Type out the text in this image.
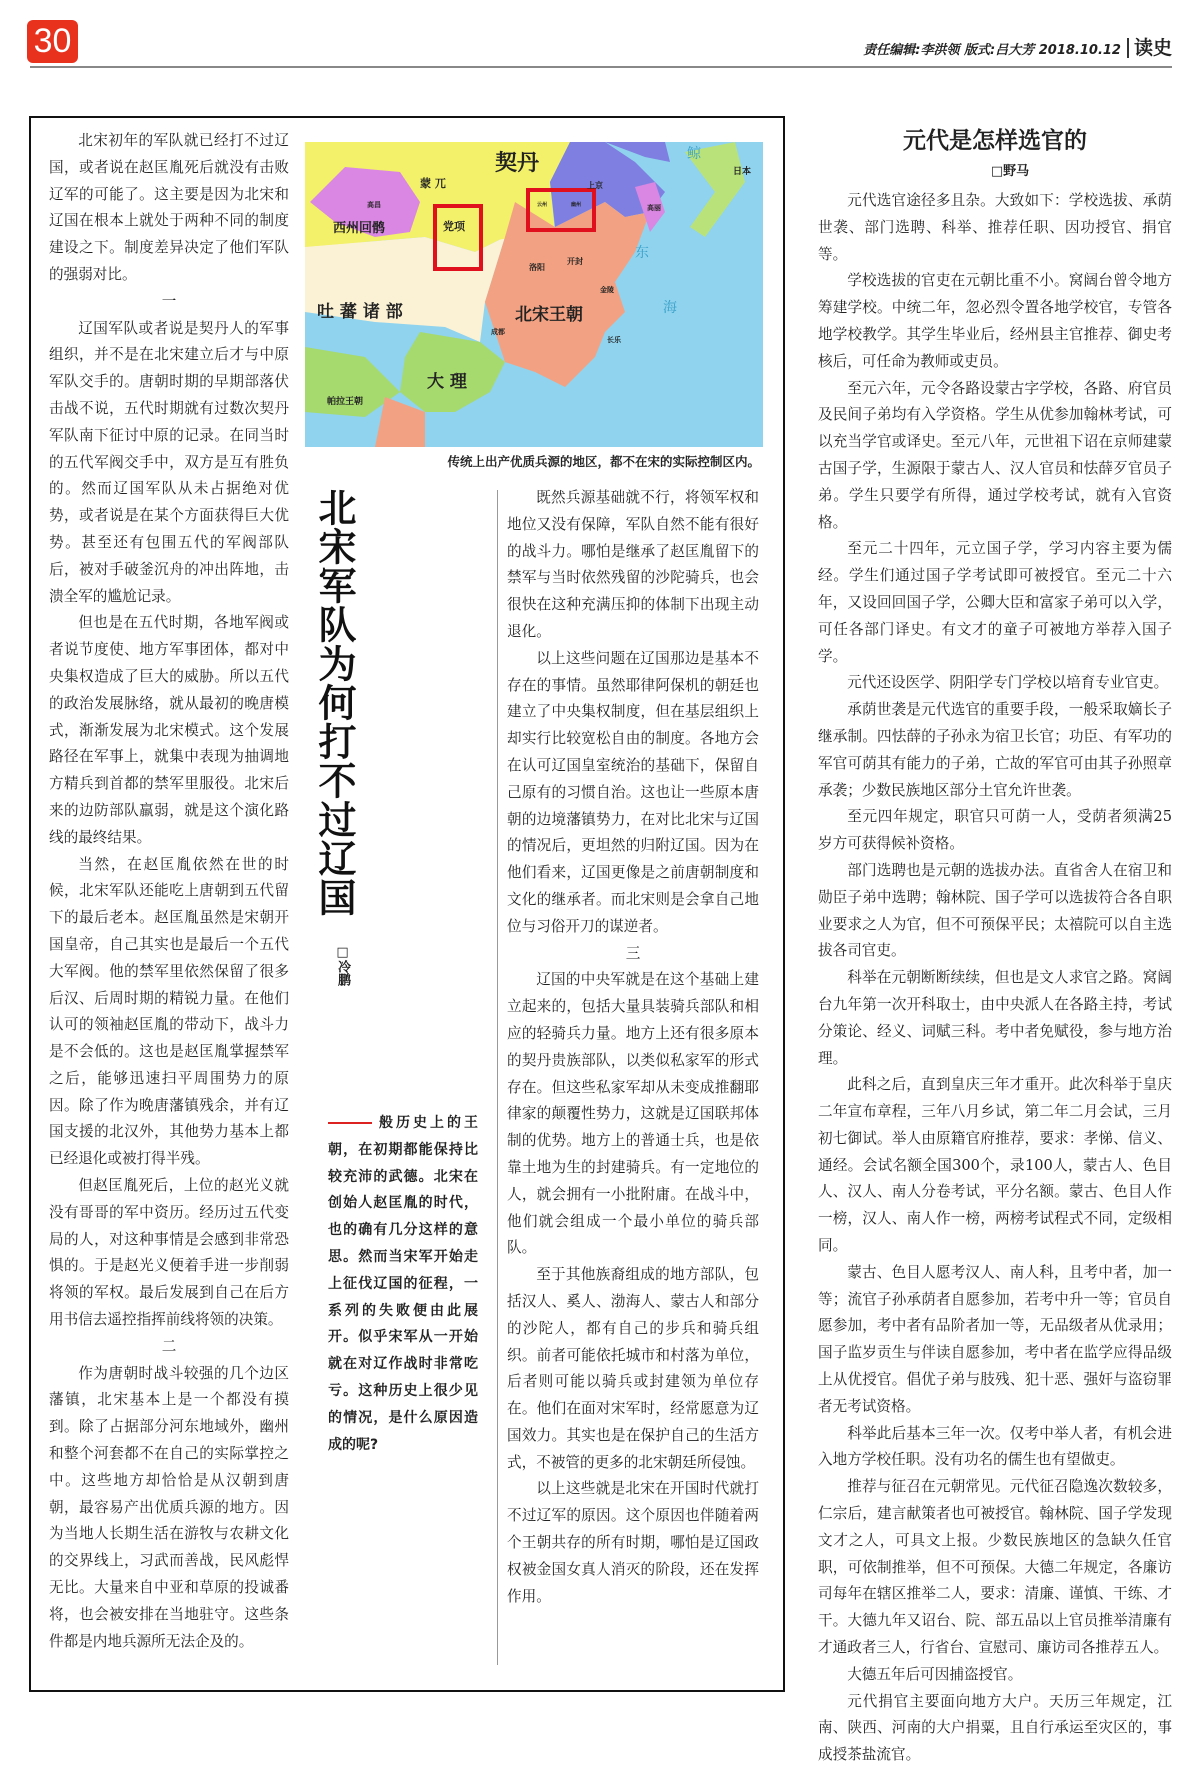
30	责任编辑:李洪领 版式:吕大芳 2018.10.12 读史

北宋初年的军队就已经打不过辽国，或者说在赵匡胤死后就没有击败辽军的可能了。这主要是因为北宋和辽国在根本上就处于两种不同的制度建设之下。制度差异决定了他们军队的强弱对比。

一

辽国军队或者说是契丹人的军事组织，并不是在北宋建立后才与中原军队交手的。唐朝时期的早期部落伏击战不说，五代时期就有过数次契丹军队南下征讨中原的记录。在同当时的五代军阀交手中，双方是互有胜负的。然而辽国军队从未占据绝对优势，或者说是在某个方面获得巨大优势。甚至还有包围五代的军阀部队后，被对手破釜沉舟的冲出阵地，击溃全军的尴尬记录。

但也是在五代时期，各地军阀或者说节度使、地方军事团体，都对中央集权造成了巨大的威胁。所以五代的政治发展脉络，就从最初的晚唐模式，渐渐发展为北宋模式。这个发展路径在军事上，就集中表现为抽调地方精兵到首都的禁军里服役。北宋后来的边防部队羸弱，就是这个演化路线的最终结果。

当然，在赵匡胤依然在世的时候，北宋军队还能吃上唐朝到五代留下的最后老本。赵匡胤虽然是宋朝开国皇帝，自己其实也是最后一个五代大军阀。他的禁军里依然保留了很多后汉、后周时期的精锐力量。在他们认可的领袖赵匡胤的带动下，战斗力是不会低的。这也是赵匡胤掌握禁军之后，能够迅速扫平周围势力的原因。除了作为晚唐藩镇残余，并有辽国支援的北汉外，其他势力基本上都已经退化或被打得半残。

但赵匡胤死后，上位的赵光义就没有哥哥的军中资历。经历过五代变局的人，对这种事情是会感到非常恐惧的。于是赵光义便着手进一步削弱将领的军权。最后发展到自己在后方用书信去遥控指挥前线将领的决策。

二

作为唐朝时战斗较强的几个边区藩镇，北宋基本上是一个都没有摸到。除了占据部分河东地域外，幽州和整个河套都不在自己的实际掌控之中。这些地方却恰恰是从汉朝到唐朝，最容易产出优质兵源的地方。因为当地人长期生活在游牧与农耕文化的交界线上，习武而善战，民风彪悍无比。大量来自中亚和草原的投诚番将，也会被安排在当地驻守。这些条件都是内地兵源所无法企及的。

契丹
蒙 兀
西州回鹘
高昌
党项
吐 蕃 诸 部	北宋王朝
大 理
上京
开封
洛阳
金陵
成都
长乐
高丽
东
海
鲸
日本
云州	幽州
帕拉王朝
传统上出产优质兵源的地区，都不在宋的实际控制区内。
北宋军队为何打不过辽国
□冷鹏
般历史上的王朝，在初期都能保持比较充沛的武德。北宋在创始人赵匡胤的时代，也的确有几分这样的意思。然而当宋军开始走上征伐辽国的征程，一系列的失败便由此展开。似乎宋军从一开始就在对辽作战时非常吃亏。这种历史上很少见的情况，是什么原因造成的呢?

既然兵源基础就不行，将领军权和地位又没有保障，军队自然不能有很好的战斗力。哪怕是继承了赵匡胤留下的禁军与当时依然残留的沙陀骑兵，也会很快在这种充满压抑的体制下出现主动退化。

以上这些问题在辽国那边是基本不存在的事情。虽然耶律阿保机的朝廷也建立了中央集权制度，但在基层组织上却实行比较宽松自由的制度。各地方会在认可辽国皇室统治的基础下，保留自己原有的习惯自治。这也让一些原本唐朝的边境藩镇势力，在对比北宋与辽国的情况后，更坦然的归附辽国。因为在他们看来，辽国更像是之前唐朝制度和文化的继承者。而北宋则是会拿自己地位与习俗开刀的谋逆者。

三

辽国的中央军就是在这个基础上建立起来的，包括大量具装骑兵部队和相应的轻骑兵力量。地方上还有很多原本的契丹贵族部队，以类似私家军的形式存在。但这些私家军却从未变成推翻耶律家的颠覆性势力，这就是辽国联邦体制的优势。地方上的普通士兵，也是依靠土地为生的封建骑兵。有一定地位的人，就会拥有一小批附庸。在战斗中，他们就会组成一个最小单位的骑兵部队。

至于其他族裔组成的地方部队，包括汉人、奚人、渤海人、蒙古人和部分的沙陀人，都有自己的步兵和骑兵组织。前者可能依托城市和村落为单位，后者则可能以骑兵或封建领为单位存在。他们在面对宋军时，经常愿意为辽国效力。其实也是在保护自己的生活方式，不被管的更多的北宋朝廷所侵蚀。

以上这些就是北宋在开国时代就打不过辽军的原因。这个原因也伴随着两个王朝共存的所有时期，哪怕是辽国政权被金国女真人消灭的阶段，还在发挥作用。

元代是怎样选官的
□野马

元代选官途径多且杂。大致如下：学校选拔、承荫世袭、部门选聘、科举、推荐任职、因功授官、捐官等。

学校选拔的官吏在元朝比重不小。窝阔台曾令地方筹建学校。中统二年，忽必烈令置各地学校官，专管各地学校教学。其学生毕业后，经州县主官推荐、御史考核后，可任命为教师或吏员。

至元六年，元令各路设蒙古字学校，各路、府官员及民间子弟均有入学资格。学生从优参加翰林考试，可以充当学官或译史。至元八年，元世祖下诏在京师建蒙古国子学，生源限于蒙古人、汉人官员和怯薛歹官员子弟。学生只要学有所得，通过学校考试，就有入官资格。

至元二十四年，元立国子学，学习内容主要为儒经。学生们通过国子学考试即可被授官。至元二十六年，又设回回国子学，公卿大臣和富家子弟可以入学，可任各部门译史。有文才的童子可被地方举荐入国子学。

元代还设医学、阴阳学专门学校以培育专业官吏。

承荫世袭是元代选官的重要手段，一般采取嫡长子继承制。四怯薛的子孙永为宿卫长官；功臣、有军功的军官可荫其有能力的子弟，亡故的军官可由其子孙照章承袭；少数民族地区部分土官允许世袭。

至元四年规定，职官只可荫一人，受荫者须满25岁方可获得候补资格。

部门选聘也是元朝的选拔办法。直省舍人在宿卫和勋臣子弟中选聘；翰林院、国子学可以选拔符合各自职业要求之人为官，但不可预保平民；太禧院可以自主选拔各司官吏。

科举在元朝断断续续，但也是文人求官之路。窝阔台九年第一次开科取士，由中央派人在各路主持，考试分策论、经义、词赋三科。考中者免赋役，参与地方治理。

此科之后，直到皇庆三年才重开。此次科举于皇庆二年宣布章程，三年八月乡试，第二年二月会试，三月初七御试。举人由原籍官府推荐，要求：孝悌、信义、通经。会试名额全国300个，录100人，蒙古人、色目人、汉人、南人分卷考试，平分名额。蒙古、色目人作一榜，汉人、南人作一榜，两榜考试程式不同，定级相同。

蒙古、色目人愿考汉人、南人科，且考中者，加一等；流官子孙承荫者自愿参加，若考中升一等；官员自愿参加，考中者有品阶者加一等，无品级者从优录用；国子监岁贡生与伴读自愿参加，考中者在监学应得品级上从优授官。倡优子弟与肢残、犯十恶、强奸与盗窃罪者无考试资格。

科举此后基本三年一次。仅考中举人者，有机会进入地方学校任职。没有功名的儒生也有望做吏。

推荐与征召在元朝常见。元代征召隐逸次数较多，仁宗后，建言献策者也可被授官。翰林院、国子学发现文才之人，可具文上报。少数民族地区的急缺久任官职，可依制推举，但不可预保。大德二年规定，各廉访司每年在辖区推举二人，要求：清廉、谨慎、干练、才干。大德九年又诏台、院、部五品以上官员推举清廉有才通政者三人，行省台、宣慰司、廉访司各推荐五人。

大德五年后可因捕盗授官。

元代捐官主要面向地方大户。天历三年规定，江南、陕西、河南的大户捐粟，且自行承运至灾区的，事成授茶盐流官。
